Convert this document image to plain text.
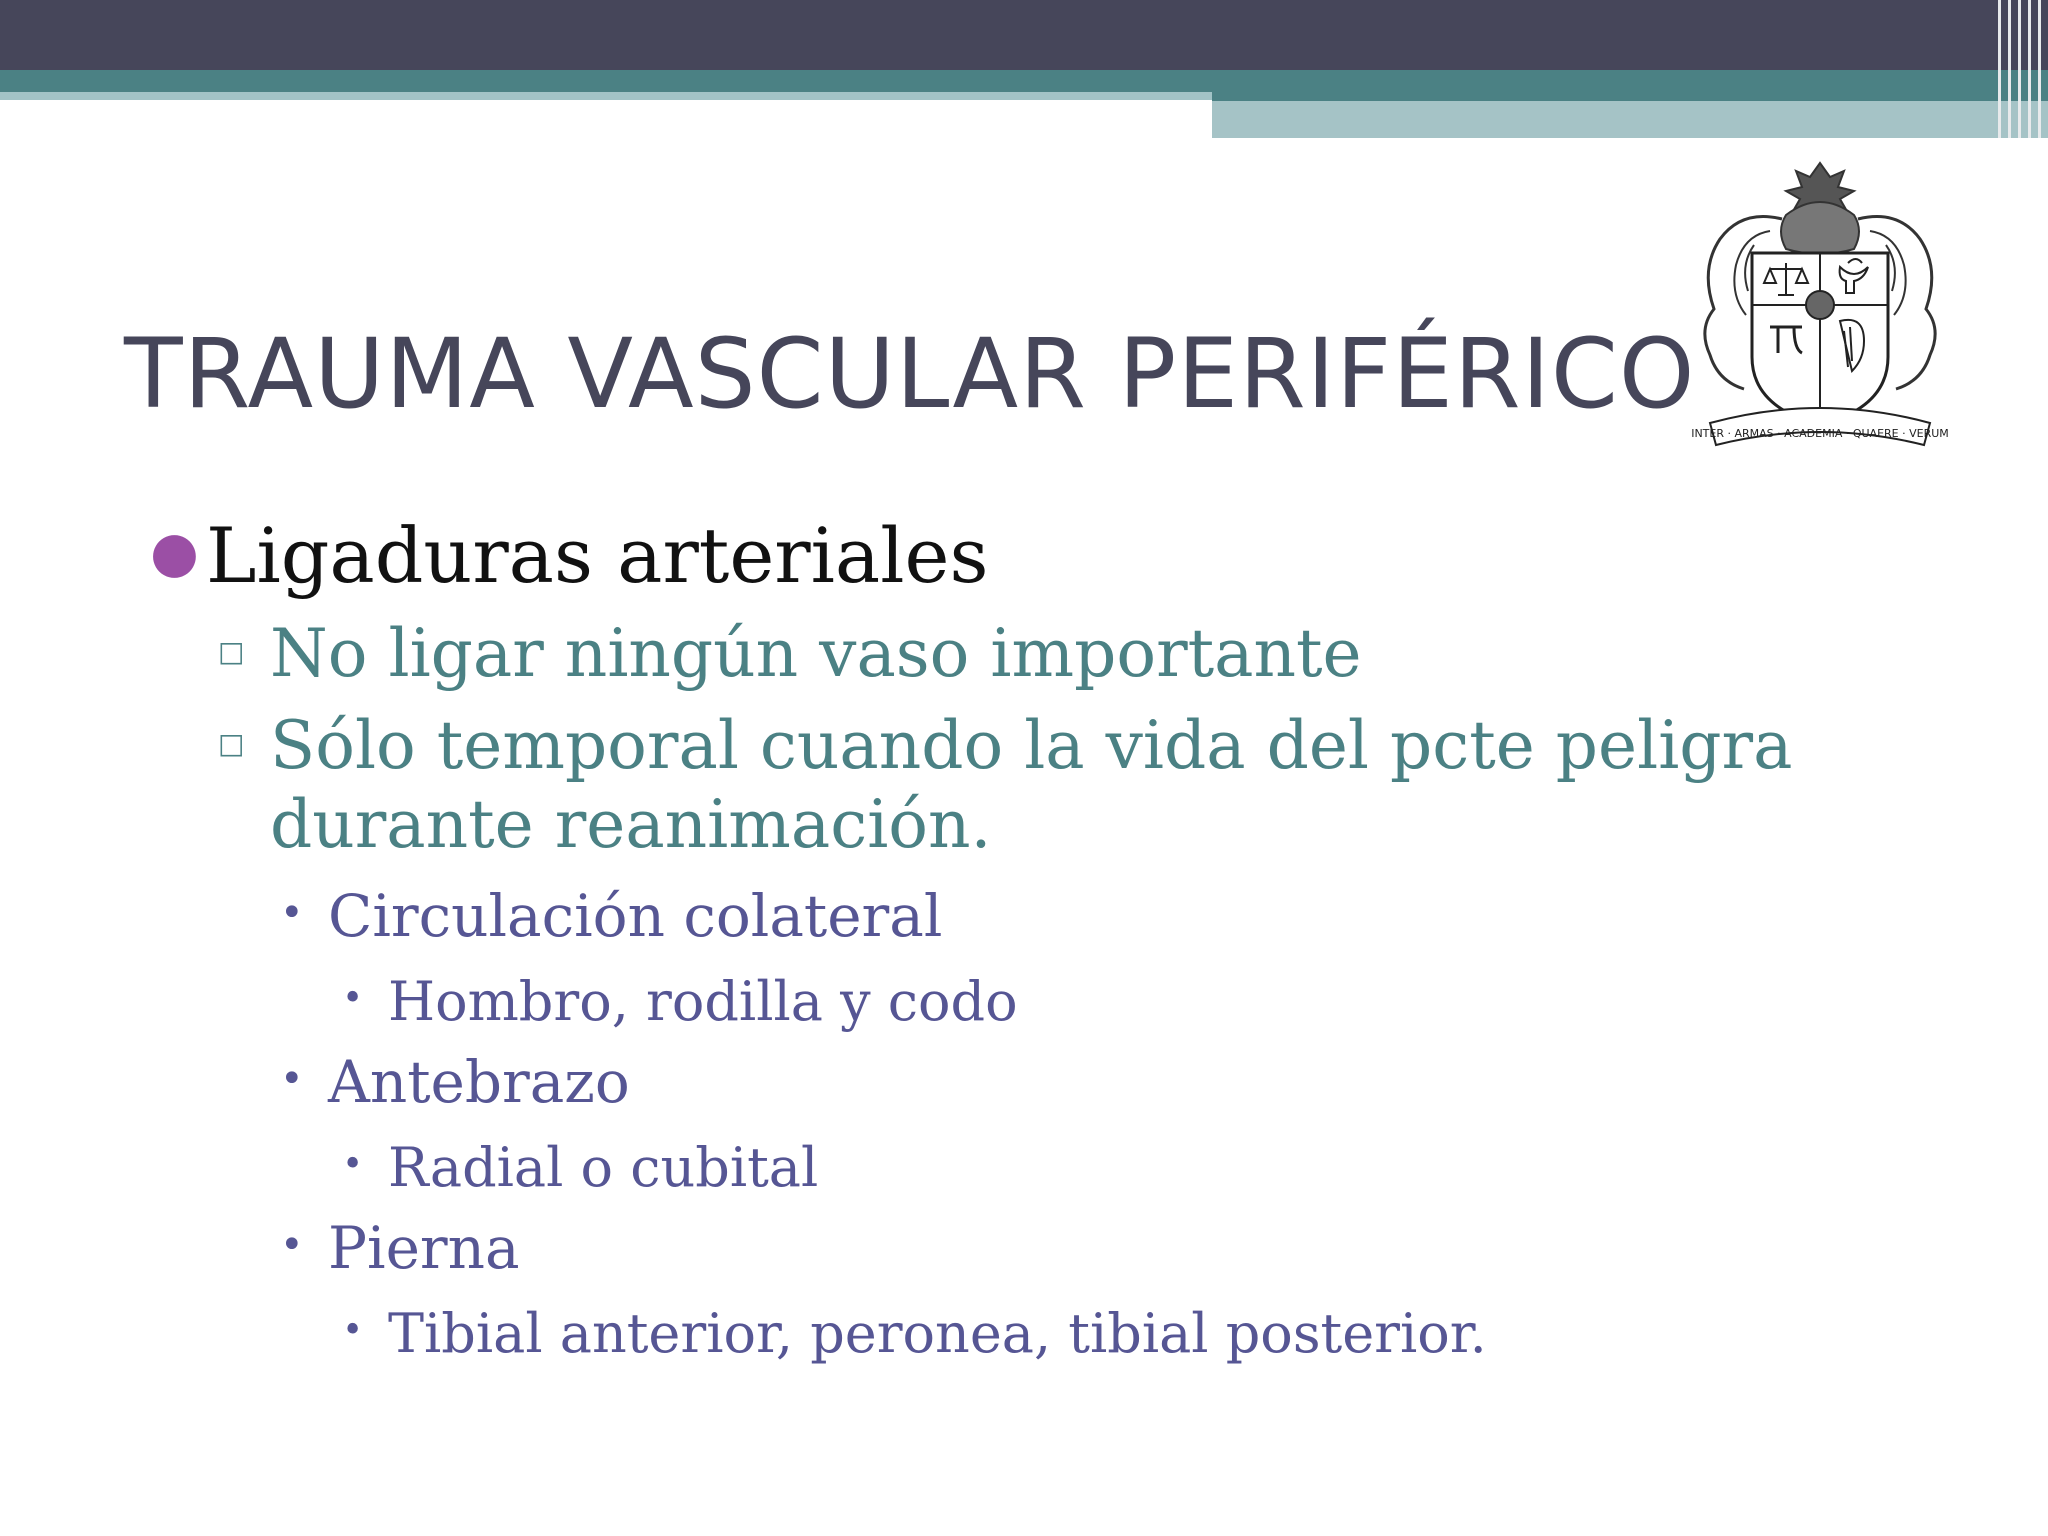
INTER · ARMAS · ACADEMIA · QUAERE · VERUM
TRAUMA VASCULAR PERIFÉRICO
●Ligaduras arteriales
□ No ligar ningún vaso importante
□ Sólo temporal cuando la vida del pcte peligra
durante reanimación.
• Circulación colateral
• Hombro, rodilla y codo
• Antebrazo
• Radial o cubital
• Pierna
• Tibial anterior, peronea, tibial posterior.
